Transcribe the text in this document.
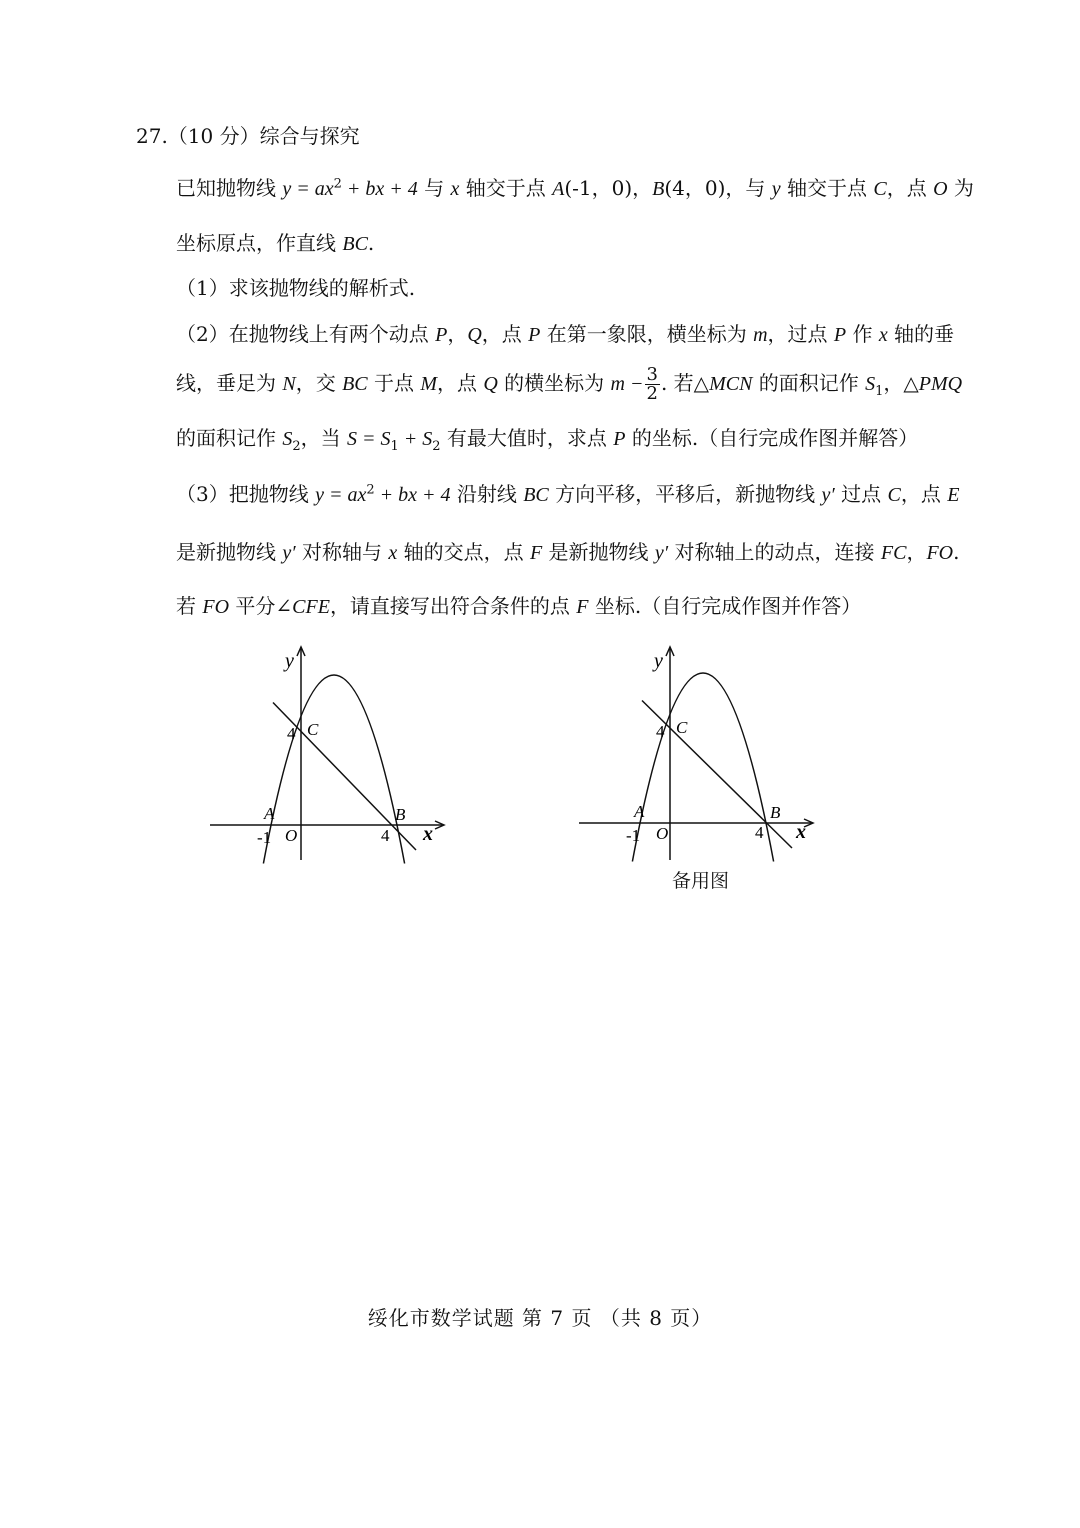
27.（10 分）综合与探究
已知抛物线 $y = ax^2$ + bx + 4 与 x 轴交于点 A(-1，0)，B(4，0)，与 y 轴交于点 C，点 O 为
坐标原点，作直线 BC.
（1）求该抛物线的解析式.
（2）在抛物线上有两个动点 P，Q，点 P 在第一象限，横坐标为 m，过点 P 作 x 轴的垂
线，垂足为 N，交 BC 于点 M，点 Q 的横坐标为 $m - \frac{3}{2}$ . 若△MCN 的面积记作 $S_1$，△PMQ
的面积记作 $S_2$，当 $S = S_1 + S_2$ 有最大值时，求点 P 的坐标.（自行完成作图并解答）
（3）把抛物线 $y = ax^2$ + bx + 4 沿射线 BC 方向平移，平移后，新抛物线 y′ 过点 C，点 E
是新抛物线 y′ 对称轴与 x 轴的交点，点 F 是新抛物线 y′ 对称轴上的动点，连接 FC，FO.
若 FO 平分∠CFE，请直接写出符合条件的点 F 坐标.（自行完成作图并作答）
y
x
4 C
A
-1 O	4
B
y
x
4 C
A
-1 O	4
B
备用图
绥化市数学试题 第 7 页 （共 8 页）
